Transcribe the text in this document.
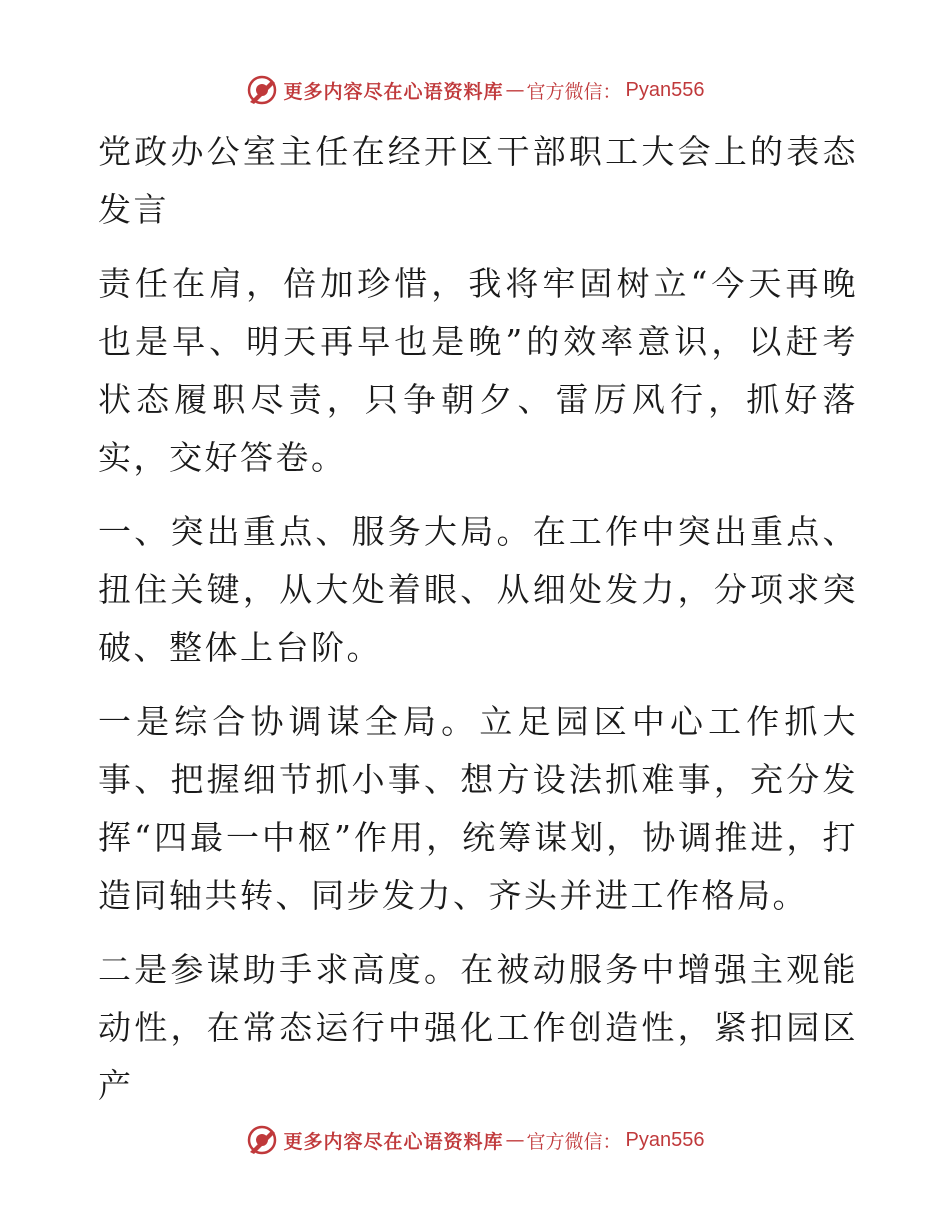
更多内容尽在心语资料库 — 官方微信： Pyan556

党政办公室主任在经开区干部职工大会上的表态发言

责任在肩，倍加珍惜，我将牢固树立“今天再晚也是早、明天再早也是晚”的效率意识，以赶考状态履职尽责，只争朝夕、雷厉风行，抓好落实，交好答卷。

一、突出重点、服务大局。在工作中突出重点、扭住关键，从大处着眼、从细处发力，分项求突破、整体上台阶。

一是综合协调谋全局。立足园区中心工作抓大事、把握细节抓小事、想方设法抓难事，充分发挥“四最一中枢”作用，统筹谋划，协调推进，打造同轴共转、同步发力、齐头并进工作格局。

二是参谋助手求高度。在被动服务中增强主观能动性，在常态运行中强化工作创造性，紧扣园区产

更多内容尽在心语资料库 — 官方微信： Pyan556
